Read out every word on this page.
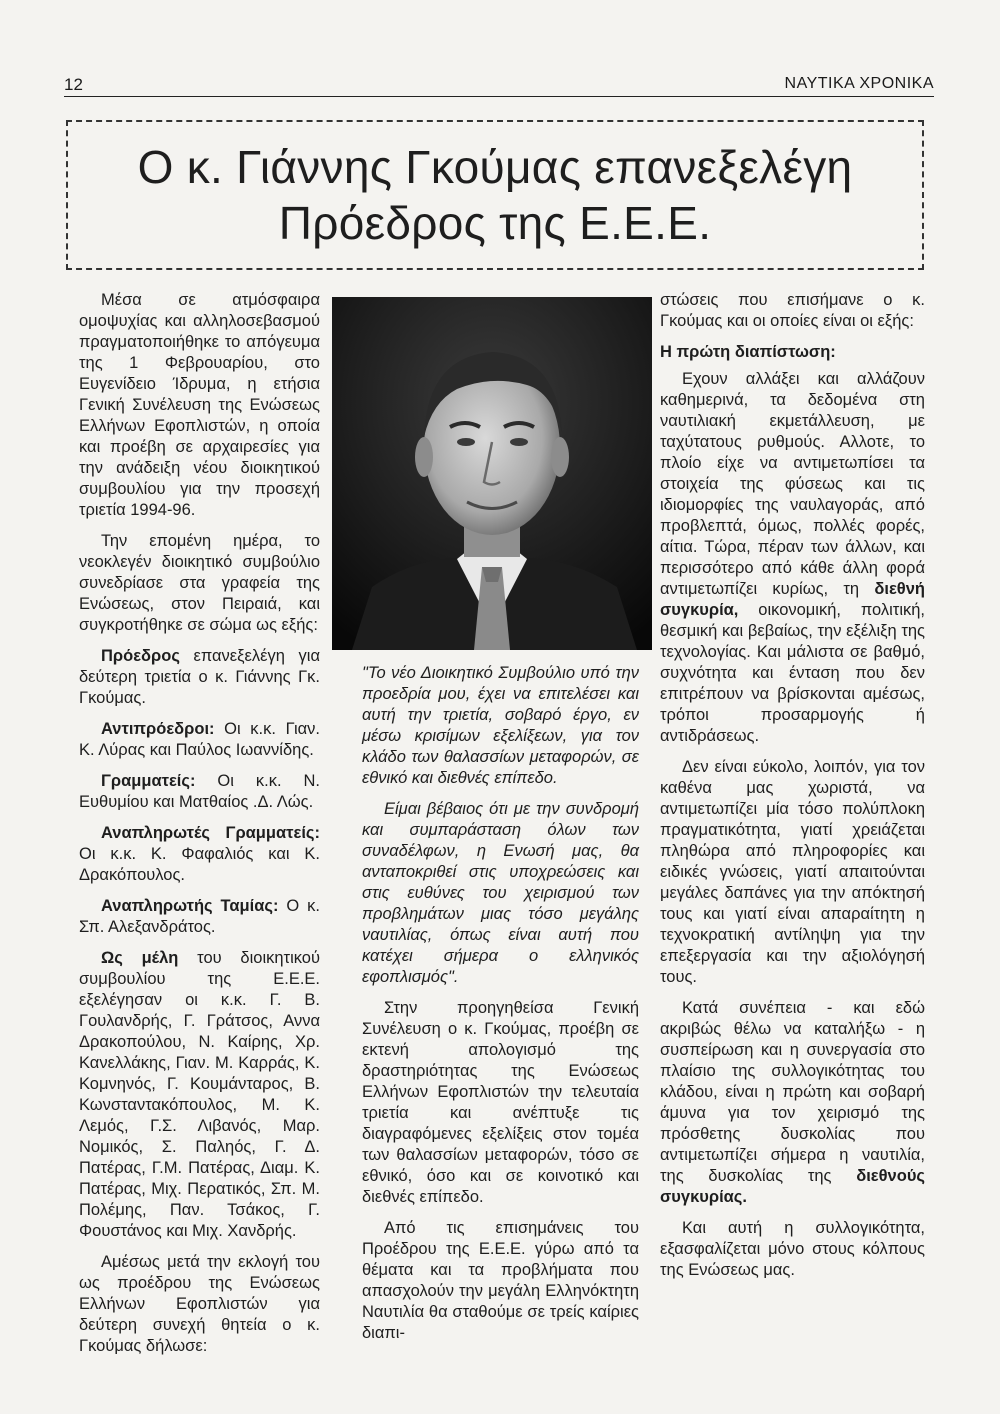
12	ΝΑΥΤΙΚΑ ΧΡΟΝΙΚΑ
Ο κ. Γιάννης Γκούμας επανεξελέγη
Πρόεδρος της Ε.Ε.Ε.

Μέσα σε ατμόσφαιρα ομοψυχίας και αλληλοσεβασμού πραγματοποιήθηκε το απόγευμα της 1 Φεβρουαρίου, στο Ευγενίδειο Ίδρυμα, η ετήσια Γενική Συνέλευση της Ενώσεως Ελλήνων Εφοπλιστών, η οποία και προέβη σε αρχαιρεσίες για την ανάδειξη νέου διοικητικού συμβουλίου για την προσεχή τριετία 1994-96.

Την επομένη ημέρα, το νεοκλεγέν διοικητικό συμβούλιο συνεδρίασε στα γραφεία της Ενώσεως, στον Πειραιά, και συγκροτήθηκε σε σώμα ως εξής:

Πρόεδρος επανεξελέγη για δεύτερη τριετία ο κ. Γιάννης Γκ. Γκούμας.

Αντιπρόεδροι: Οι κ.κ. Γιαν. Κ. Λύρας και Παύλος Ιωαννίδης.

Γραμματείς: Οι κ.κ. Ν. Ευθυμίου και Ματθαίος .Δ. Λώς.

Αναπληρωτές Γραμματείς: Οι κ.κ. Κ. Φαφαλιός και Κ. Δρακόπουλος.

Αναπληρωτής Ταμίας: Ο κ. Σπ. Αλεξανδράτος.

Ως μέλη του διοικητικού συμβουλίου της Ε.Ε.Ε. εξελέγησαν οι κ.κ. Γ. Β. Γουλανδρής, Γ. Γράτσος, Αννα Δρακοπούλου, Ν. Καίρης, Χρ. Κανελλάκης, Γιαν. Μ. Καρράς, Κ. Κομνηνός, Γ. Κουμάνταρος, Β. Κωνσταντακόπουλος, Μ. Κ. Λεμός, Γ.Σ. Λιβανός, Μαρ. Νομικός, Σ. Παληός, Γ. Δ. Πατέρας, Γ.Μ. Πατέρας, Διαμ. Κ. Πατέρας, Μιχ. Περατικός, Σπ. Μ. Πολέμης, Παν. Τσάκος, Γ. Φουστάνος και Μιχ. Χανδρής.

Αμέσως μετά την εκλογή του ως προέδρου της Ενώσεως Ελλήνων Εφοπλιστών για δεύτερη συνεχή θητεία ο κ. Γκούμας δήλωσε:

"Το νέο Διοικητικό Συμβούλιο υπό την προεδρία μου, έχει να επιτελέσει και αυτή την τριετία, σοβαρό έργο, εν μέσω κρισίμων εξελίξεων, για τον κλάδο των θαλασσίων μεταφορών, σε εθνικό και διεθνές επίπεδο.

Είμαι βέβαιος ότι με την συνδρομή και συμπαράσταση όλων των συναδέλφων, η Ενωσή μας, θα ανταποκριθεί στις υποχρεώσεις και στις ευθύνες του χειρισμού των προβλημάτων μιας τόσο μεγάλης ναυτιλίας, όπως είναι αυτή που κατέχει σήμερα ο ελληνικός εφοπλισμός".

Στην προηγηθείσα Γενική Συνέλευση ο κ. Γκούμας, προέβη σε εκτενή απολογισμό της δραστηριότητας της Ενώσεως Ελλήνων Εφοπλιστών την τελευταία τριετία και ανέπτυξε τις διαγραφόμενες εξελίξεις στον τομέα των θαλασσίων μεταφορών, τόσο σε εθνικό, όσο και σε κοινοτικό και διεθνές επίπεδο.

Από τις επισημάνεις του Προέδρου της Ε.Ε.Ε. γύρω από τα θέματα και τα προβλήματα που απασχολούν την μεγάλη Ελληνόκτητη Ναυτιλία θα σταθούμε σε τρείς καίριες διαπι-

στώσεις που επισήμανε ο κ. Γκούμας και οι οποίες είναι οι εξής:

Η πρώτη διαπίστωση:

Εχουν αλλάξει και αλλάζουν καθημερινά, τα δεδομένα στη ναυτιλιακή εκμετάλλευση, με ταχύτατους ρυθμούς. Αλλοτε, το πλοίο είχε να αντιμετωπίσει τα στοιχεία της φύσεως και τις ιδιομορφίες της ναυλαγοράς, από προβλεπτά, όμως, πολλές φορές, αίτια. Τώρα, πέραν των άλλων, και περισσότερο από κάθε άλλη φορά αντιμετωπίζει κυρίως, τη διεθνή συγκυρία, οικονομική, πολιτική, θεσμική και βεβαίως, την εξέλιξη της τεχνολογίας. Και μάλιστα σε βαθμό, συχνότητα και ένταση που δεν επιτρέπουν να βρίσκονται αμέσως, τρόποι προσαρμογής ή αντιδράσεως.

Δεν είναι εύκολο, λοιπόν, για τον καθένα μας χωριστά, να αντιμετωπίζει μία τόσο πολύπλοκη πραγματικότητα, γιατί χρειάζεται πληθώρα από πληροφορίες και ειδικές γνώσεις, γιατί απαιτούνται μεγάλες δαπάνες για την απόκτησή τους και γιατί είναι απαραίτητη η τεχνοκρατική αντίληψη για την επεξεργασία και την αξιολόγησή τους.

Κατά συνέπεια - και εδώ ακριβώς θέλω να καταλήξω - η συσπείρωση και η συνεργασία στο πλαίσιο της συλλογικότητας του κλάδου, είναι η πρώτη και σοβαρή άμυνα για τον χειρισμό της πρόσθετης δυσκολίας που αντιμετωπίζει σήμερα η ναυτιλία, της δυσκολίας της διεθνούς συγκυρίας.

Και αυτή η συλλογικότητα, εξασφαλίζεται μόνο στους κόλπους της Ενώσεως μας.
